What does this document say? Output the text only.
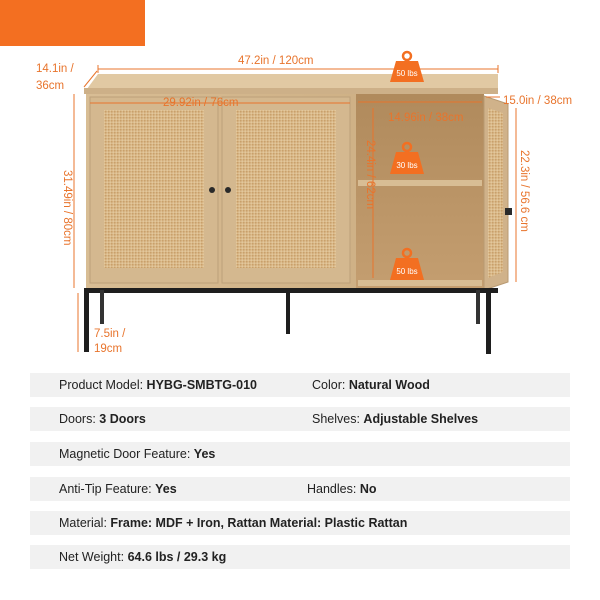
47.2in / 120cm
14.1in /
36cm
29.92in / 76cm
14.96in / 38cm
15.0in / 38cm
31.49in / 80cm	24.4in / 62cm	22.3in / 56.6 cm
7.5in /
19cm
50 lbs
30 lbs
50 lbs
Product Model: HYBG-SMBTG-010	Color: Natural Wood
Doors: 3 Doors	Shelves: Adjustable Shelves
Magnetic Door Feature: Yes
Anti-Tip Feature: Yes	Handles: No
Material: Frame: MDF + Iron, Rattan Material: Plastic Rattan
Net Weight: 64.6 lbs / 29.3 kg
